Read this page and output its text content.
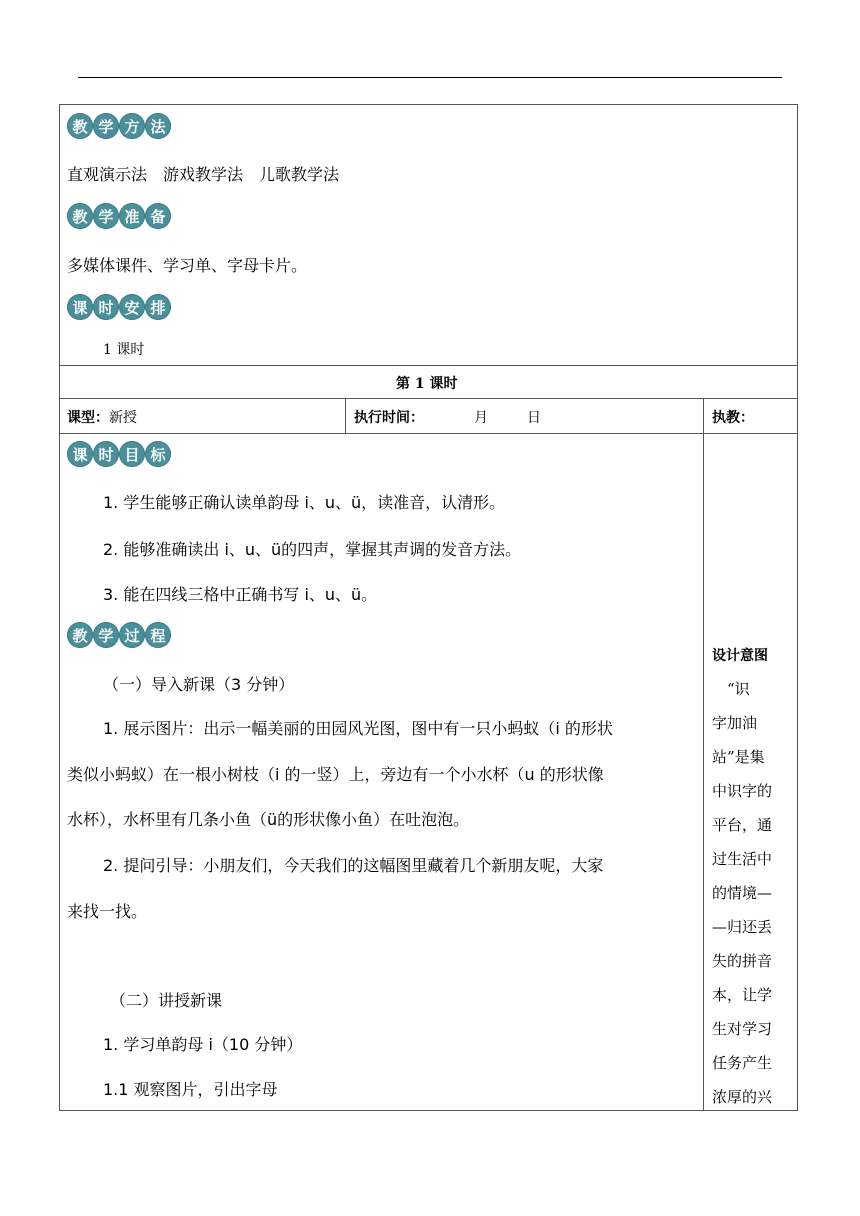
教 学 方 法
直观演示法　游戏教学法　儿歌教学法
教 学 准 备
多媒体课件、学习单、字母卡片。
课 时 安 排
1 课时
第 1 课时
课型：新授	执行时间：	月	日	执教：
课 时 目 标
1. 学生能够正确认读单韵母 i、u、ü，读准音，认清形。
2. 能够准确读出 i、u、ü的四声，掌握其声调的发音方法。
3. 能在四线三格中正确书写 i、u、ü。
教 学 过 程
（一）导入新课（3 分钟）
1. 展示图片：出示一幅美丽的田园风光图，图中有一只小蚂蚁（i 的形状
类似小蚂蚁）在一根小树枝（i 的一竖）上，旁边有一个小水杯（u 的形状像
水杯），水杯里有几条小鱼（ü的形状像小鱼）在吐泡泡。
2. 提问引导：小朋友们，今天我们的这幅图里藏着几个新朋友呢，大家
来找一找。
（二）讲授新课
1. 学习单韵母 i（10 分钟）
1.1 观察图片，引出字母
设计意图
　“识
字加油
站”是集
中识字的
平台，通
过生活中
的情境—
—归还丢
失的拼音
本，让学
生对学习
任务产生
浓厚的兴
